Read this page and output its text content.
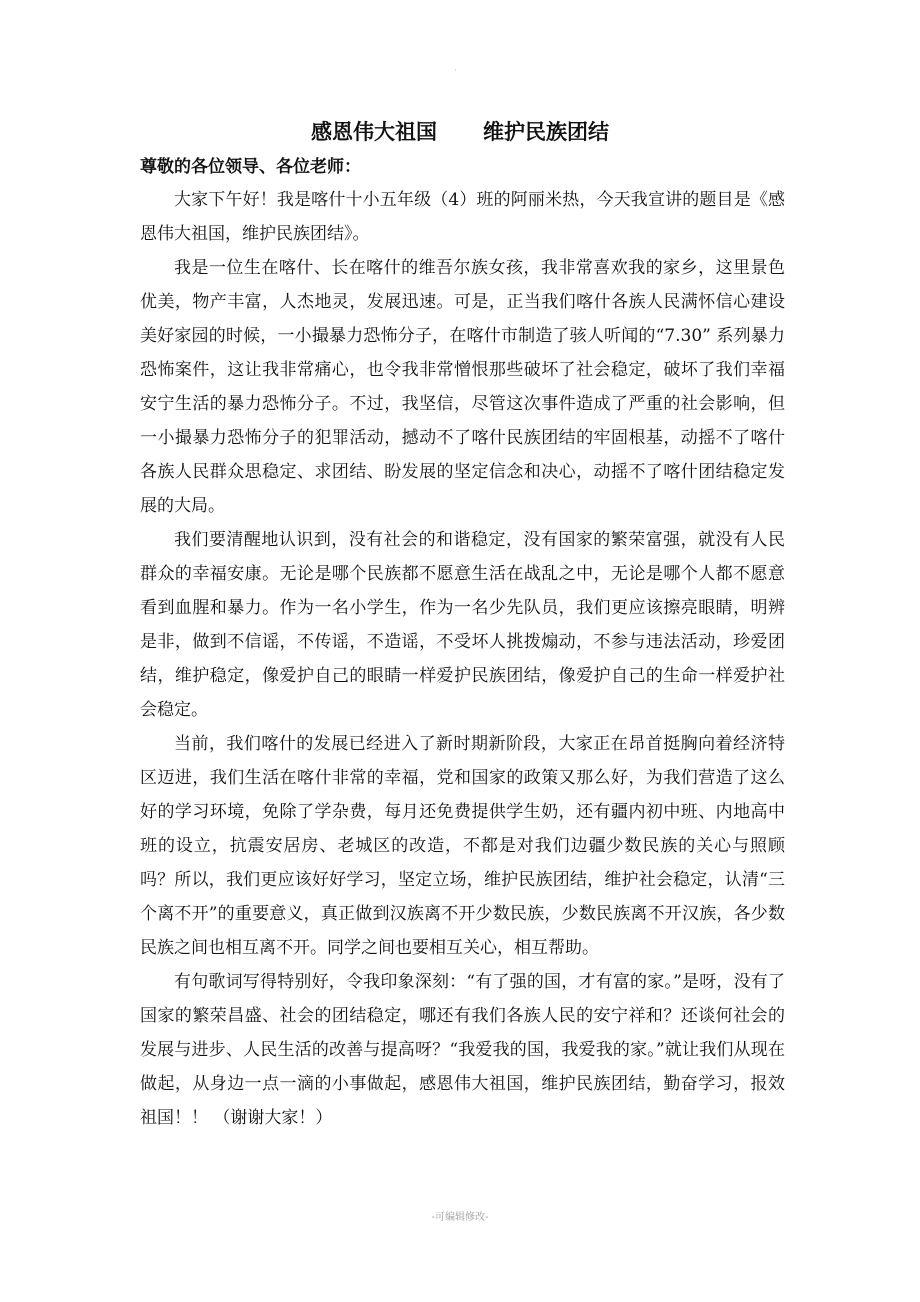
·
感恩伟大祖国 维护民族团结

尊敬的各位领导、各位老师：

大家下午好！我是喀什十小五年级（4）班的阿丽米热，今天我宣讲的题目是《感恩伟大祖国，维护民族团结》。

我是一位生在喀什、长在喀什的维吾尔族女孩，我非常喜欢我的家乡，这里景色优美，物产丰富，人杰地灵，发展迅速。可是，正当我们喀什各族人民满怀信心建设美好家园的时候，一小撮暴力恐怖分子，在喀什市制造了骇人听闻的“7.30” 系列暴力恐怖案件，这让我非常痛心，也令我非常憎恨那些破坏了社会稳定，破坏了我们幸福安宁生活的暴力恐怖分子。不过，我坚信，尽管这次事件造成了严重的社会影响，但一小撮暴力恐怖分子的犯罪活动，撼动不了喀什民族团结的牢固根基，动摇不了喀什各族人民群众思稳定、求团结、盼发展的坚定信念和决心，动摇不了喀什团结稳定发展的大局。

我们要清醒地认识到，没有社会的和谐稳定，没有国家的繁荣富强，就没有人民群众的幸福安康。无论是哪个民族都不愿意生活在战乱之中，无论是哪个人都不愿意看到血腥和暴力。作为一名小学生，作为一名少先队员，我们更应该擦亮眼睛，明辨是非，做到不信谣，不传谣，不造谣，不受坏人挑拨煽动，不参与违法活动，珍爱团结，维护稳定，像爱护自己的眼睛一样爱护民族团结，像爱护自己的生命一样爱护社会稳定。

当前，我们喀什的发展已经进入了新时期新阶段，大家正在昂首挺胸向着经济特区迈进，我们生活在喀什非常的幸福，党和国家的政策又那么好，为我们营造了这么好的学习环境，免除了学杂费，每月还免费提供学生奶，还有疆内初中班、内地高中班的设立，抗震安居房、老城区的改造，不都是对我们边疆少数民族的关心与照顾吗？所以，我们更应该好好学习，坚定立场，维护民族团结，维护社会稳定，认清“三个离不开”的重要意义，真正做到汉族离不开少数民族，少数民族离不开汉族，各少数民族之间也相互离不开。同学之间也要相互关心，相互帮助。

有句歌词写得特别好，令我印象深刻：“有了强的国，才有富的家。”是呀，没有了国家的繁荣昌盛、社会的团结稳定，哪还有我们各族人民的安宁祥和？还谈何社会的发展与进步、人民生活的改善与提高呀？“我爱我的国，我爱我的家。”就让我们从现在做起，从身边一点一滴的小事做起，感恩伟大祖国，维护民族团结，勤奋学习，报效祖国！！ （谢谢大家！）

-可编辑修改-
